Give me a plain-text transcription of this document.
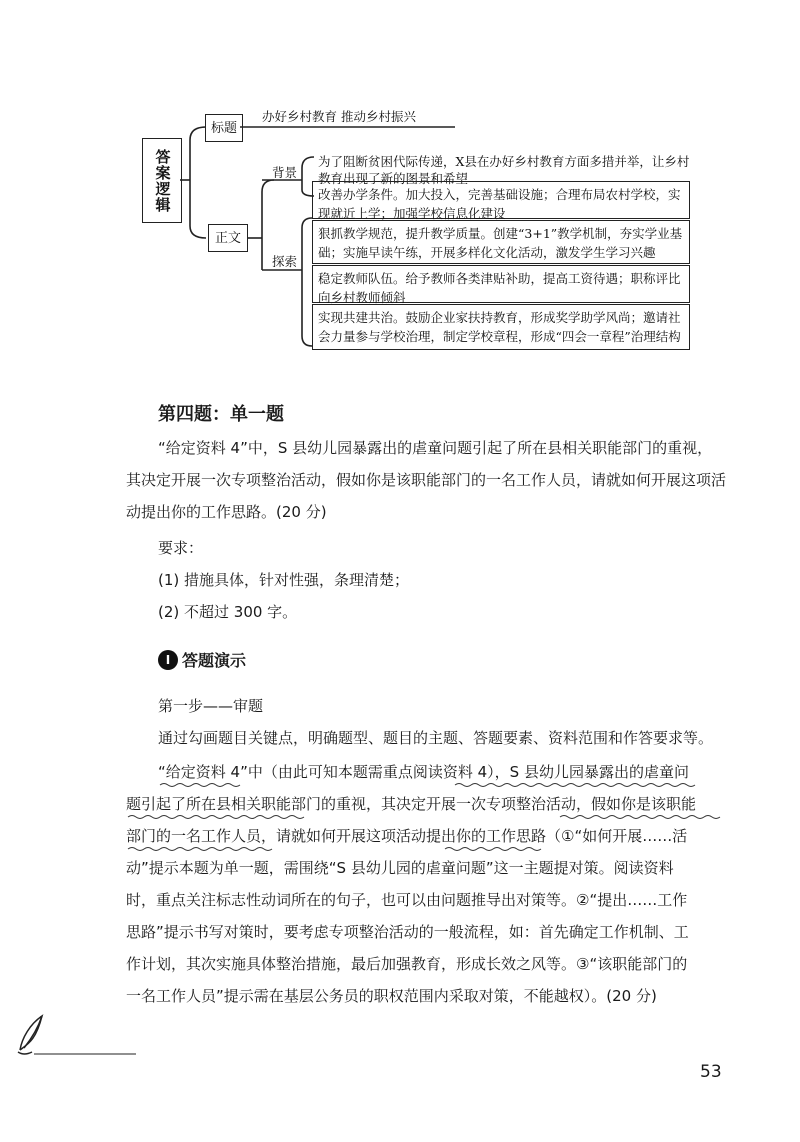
答案逻辑
标题
办好乡村教育 推动乡村振兴
正文
背景
为了阻断贫困代际传递，X县在办好乡村教育方面多措并举，让乡村教育出现了新的图景和希望
探索
改善办学条件。加大投入，完善基础设施；合理布局农村学校，实现就近上学；加强学校信息化建设
狠抓教学规范，提升教学质量。创建“3+1”教学机制，夯实学业基础；实施早读午练，开展多样化文化活动，激发学生学习兴趣
稳定教师队伍。给予教师各类津贴补助，提高工资待遇；职称评比向乡村教师倾斜
实现共建共治。鼓励企业家扶持教育，形成奖学助学风尚；邀请社会力量参与学校治理，制定学校章程，形成“四会一章程”治理结构
第四题：单一题

“给定资料 4”中，S 县幼儿园暴露出的虐童问题引起了所在县相关职能部门的重视，

其决定开展一次专项整治活动，假如你是该职能部门的一名工作人员，请就如何开展这项活

动提出你的工作思路。(20 分)

要求：
(1) 措施具体，针对性强，条理清楚；
(2) 不超过 300 字。
I 答题演示
第一步——审题

通过勾画题目关键点，明确题型、题目的主题、答题要素、资料范围和作答要求等。

“给定资料 4”中（由此可知本题需重点阅读资料 4），S 县幼儿园暴露出的虐童问

题引起了所在县相关职能部门的重视，其决定开展一次专项整治活动，假如你是该职能

部门的一名工作人员，请就如何开展这项活动提出你的工作思路（①“如何开展……活

动”提示本题为单一题，需围绕“S 县幼儿园的虐童问题”这一主题提对策。阅读资料

时，重点关注标志性动词所在的句子，也可以由问题推导出对策等。②“提出……工作

思路”提示书写对策时，要考虑专项整治活动的一般流程，如：首先确定工作机制、工

作计划，其次实施具体整治措施，最后加强教育，形成长效之风等。③“该职能部门的

一名工作人员”提示需在基层公务员的职权范围内采取对策，不能越权）。(20 分)

53
